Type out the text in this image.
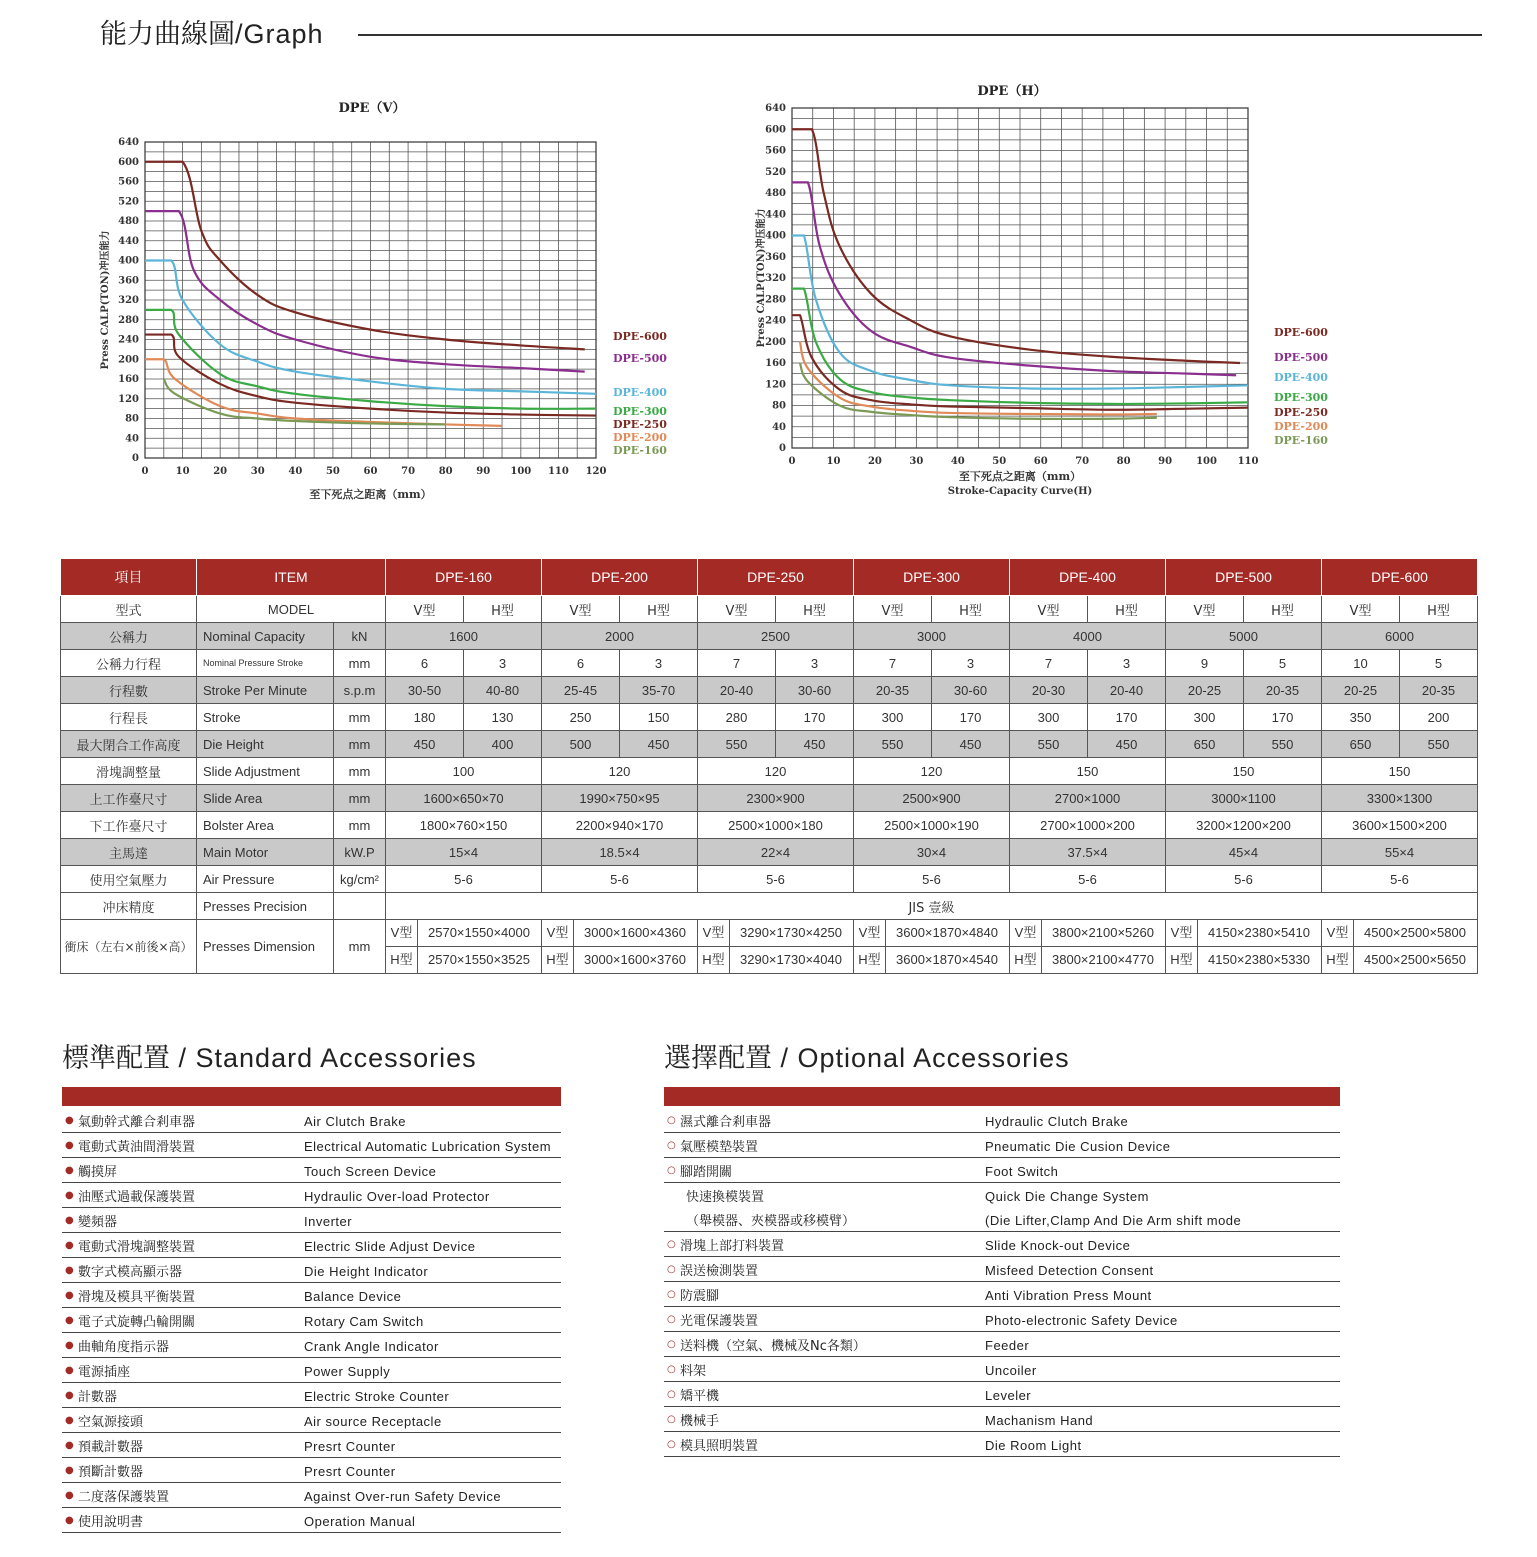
能力曲線圖/Graph
DPE（V）
0	10 20 30 40 50 60 70 80 90 100 110 120
0
40
80
120
160
200
240
280
320
360
400
440
480
520
560
600
640
至下死点之距离（mm）
Press CALP(TON)冲压能力	DPE-600
DPE-500
DPE-400
DPE-300
DPE-250
DPE-200
DPE-160
DPE（H）
0	10	20	30	40	50	60	70	80	90 100 110
0
40
80
120
160
200
240
280
320
360
400
440
480
520
560
600
640
至下死点之距离（mm）
Stroke-Capacity Curve(H)
Press CALP(TON)冲压能力	DPE-600
DPE-500
DPE-400
DPE-300
DPE-250
DPE-200
DPE-160
項目	ITEM		DPE-160		DPE-200		DPE-250		DPE-300		DPE-400		DPE-500		DPE-600	
型式	MODEL		V型	H型	V型	H型	V型	H型	V型	H型	V型	H型	V型	H型	V型	H型
公稱力	Nominal Capacity	kN	1600		2000		2500		3000		4000		5000		6000	
公稱力行程	Nominal Pressure Stroke	mm	6	3	6	3	7	3	7	3	7	3	9	5	10	5
行程數	Stroke Per Minute	s.p.m	30-50	40-80	25-45	35-70	20-40	30-60	20-35	30-60	20-30	20-40	20-25	20-35	20-25	20-35
行程長	Stroke	mm	180	130	250	150	280	170	300	170	300	170	300	170	350	200
最大閉合工作高度	Die Height	mm	450	400	500	450	550	450	550	450	550	450	650	550	650	550
滑塊調整量	Slide Adjustment	mm	100		120		120		120		150		150		150	
上工作臺尺寸	Slide Area	mm	1600×650×70		1990×750×95		2300×900		2500×900		2700×1000		3000×1100		3300×1300	
下工作臺尺寸	Bolster Area	mm	1800×760×150		2200×940×170		2500×1000×180		2500×1000×190		2700×1000×200		3200×1200×200		3600×1500×200	
主馬達	Main Motor	kW.P	15×4		18.5×4		22×4		30×4		37.5×4		45×4		55×4	
使用空氣壓力	Air Pressure	kg/cm²	5-6		5-6		5-6		5-6		5-6		5-6		5-6	
冲床精度	Presses Precision		JIS 壹級													
衝床（左右×前後×高）	Presses Dimension	mm	V型 2570×1550×4000		V型 3000×1600×4360		V型 3290×1730×4250		V型 3600×1870×4840		V型 3800×2100×5260		V型 4150×2380×5410		V型 4500×2500×5800	
			H型 2570×1550×3525		H型 3000×1600×3760		H型 3290×1730×4040		H型 3600×1870×4540		H型 3800×2100×4770		H型 4150×2380×5330		H型 4500×2500×5650	
標準配置 / Standard Accessories
● 氣動幹式離合剎車器	Air Clutch Brake
● 電動式黃油間滑裝置	Electrical Automatic Lubrication System
● 觸摸屏	Touch Screen Device
● 油壓式過載保護裝置	Hydraulic Over-load Protector
● 變頻器	Inverter
● 電動式滑塊調整裝置	Electric Slide Adjust Device
● 數字式模高顯示器	Die Height Indicator
● 滑塊及模具平衡裝置	Balance Device
● 電子式旋轉凸輪開關	Rotary Cam Switch
● 曲軸角度指示器	Crank Angle Indicator
● 電源插座	Power Supply
● 計數器	Electric Stroke Counter
● 空氣源接頭	Air source Receptacle
● 預載計數器	Presrt Counter
● 預斷計數器	Presrt Counter
● 二度落保護裝置	Against Over-run Safety Device
● 使用說明書	Operation Manual
選擇配置 / Optional Accessories
○ 濕式離合剎車器	Hydraulic Clutch Brake
○ 氣壓模墊裝置	Pneumatic Die Cusion Device
○ 腳踏開關	Foot Switch
快速換模裝置	Quick Die Change System
（舉模器、夾模器或移模臂）	(Die Lifter,Clamp And Die Arm shift mode
○ 滑塊上部打料裝置	Slide Knock-out Device
○ 誤送檢測裝置	Misfeed Detection Consent
○ 防震腳	Anti Vibration Press Mount
○ 光電保護裝置	Photo-electronic Safety Device
○ 送料機（空氣、機械及Nc各類）	Feeder
○ 料架	Uncoiler
○ 矯平機	Leveler
○ 機械手	Machanism Hand
○ 模具照明裝置	Die Room Light
